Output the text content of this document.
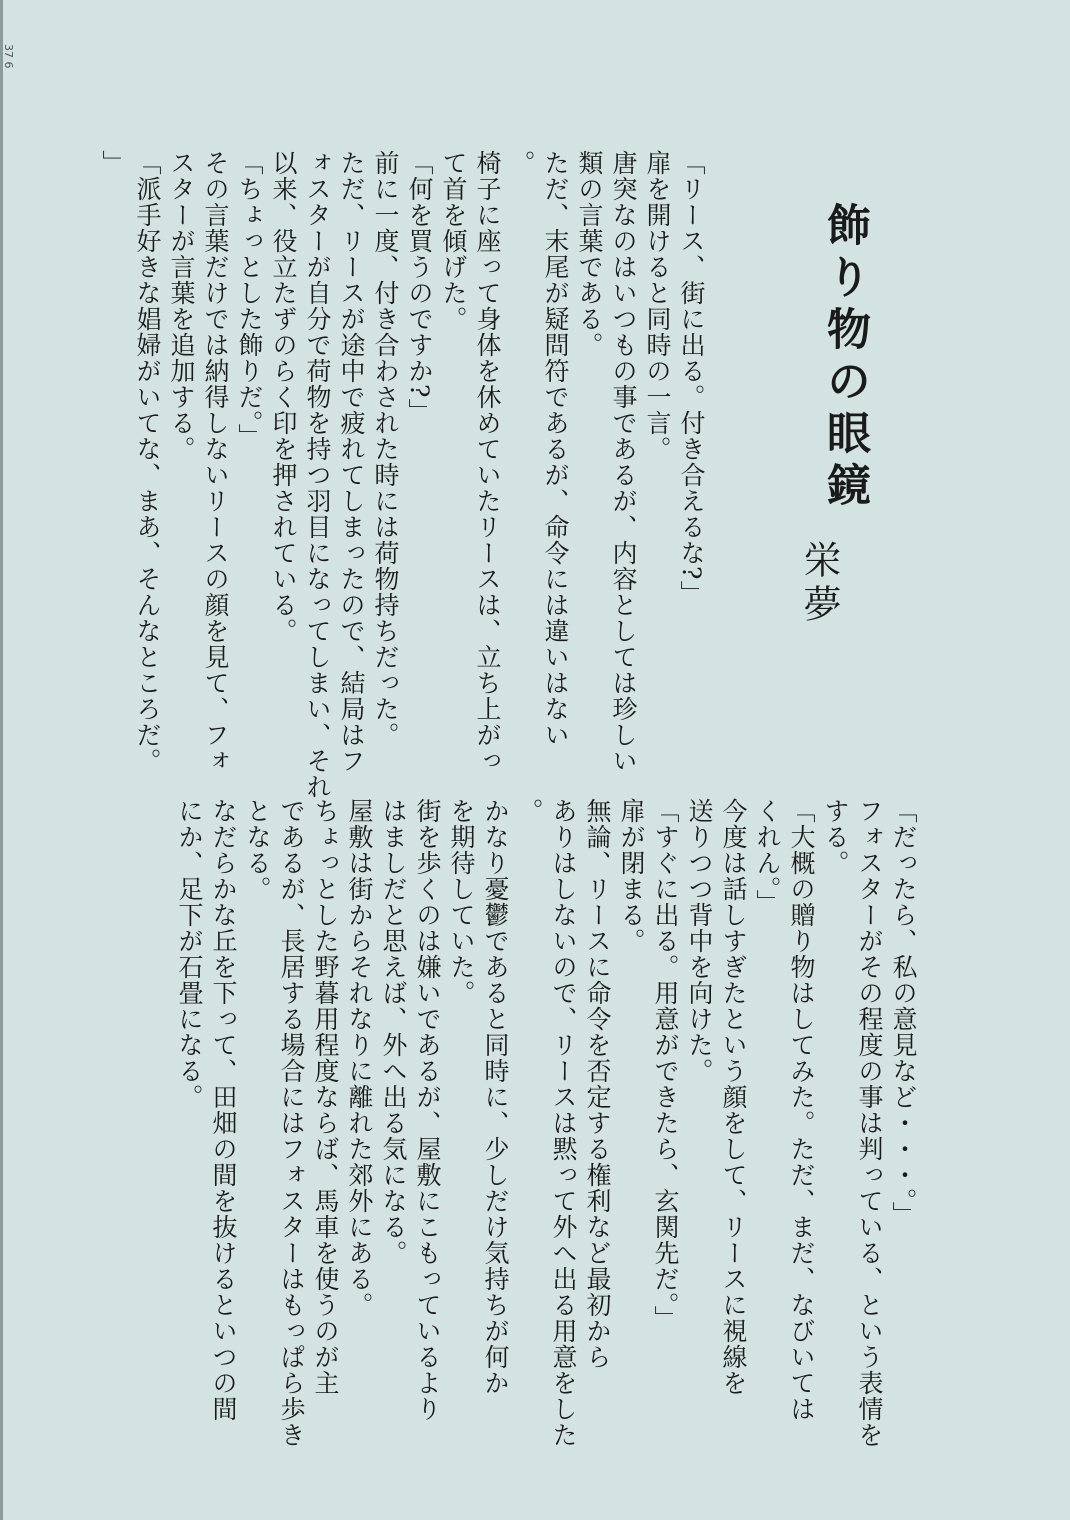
37 6
飾り物の眼鏡
栄夢
「リース、街に出る。付き合えるな?」
扉を開けると同時の一言。
唐突なのはいつもの事であるが、内容としては珍しい
類の言葉である。
ただ、末尾が疑問符であるが、命令には違いはない
。
椅子に座って身体を休めていたリースは、立ち上がっ
て首を傾げた。
「何を買うのですか?」
前に一度、付き合わされた時には荷物持ちだった。
ただ、リースが途中で疲れてしまったので、結局はフ
ォスターが自分で荷物を持つ羽目になってしまい、それ
以来、役立たずのらく印を押されている。
「ちょっとした飾りだ。」
その言葉だけでは納得しないリースの顔を見て、フォ
スターが言葉を追加する。
「派手好きな娼婦がいてな、まあ、そんなところだ。
」
「だったら、私の意見など・・・。」
フォスターがその程度の事は判っている、という表情を
する。
「大概の贈り物はしてみた。ただ、まだ、なびいては
くれん。」
今度は話しすぎたという顔をして、リースに視線を
送りつつ背中を向けた。
「すぐに出る。用意ができたら、玄関先だ。」
扉が閉まる。
無論、リースに命令を否定する権利など最初から
ありはしないので、リースは黙って外へ出る用意をした
。
かなり憂鬱であると同時に、少しだけ気持ちが何か
を期待していた。
街を歩くのは嫌いであるが、屋敷にこもっているより
はましだと思えば、外へ出る気になる。
屋敷は街からそれなりに離れた郊外にある。
ちょっとした野暮用程度ならば、馬車を使うのが主
であるが、長居する場合にはフォスターはもっぱら歩き
となる。
なだらかな丘を下って、田畑の間を抜けるといつの間
にか、足下が石畳になる。
